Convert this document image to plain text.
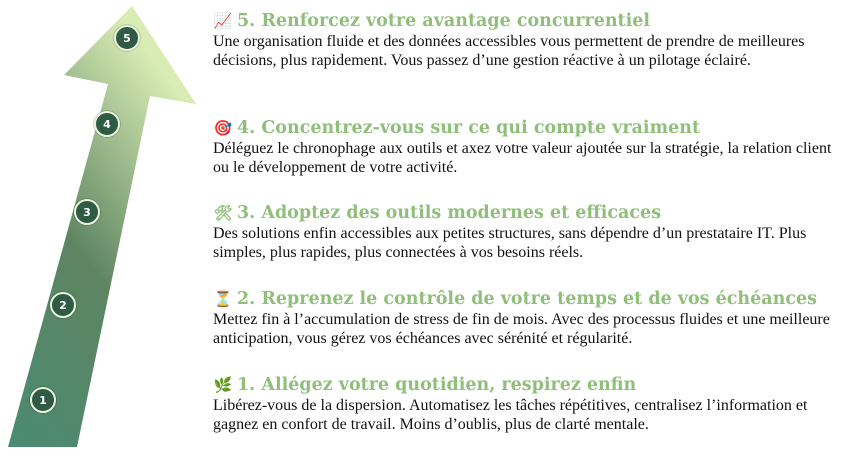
5
4
3
2
1
📈 5. Renforcez votre avantage concurrentiel
Une organisation fluide et des données accessibles vous permettent de prendre de meilleures décisions, plus rapidement. Vous passez d’une gestion réactive à un pilotage éclairé.
🎯 4. Concentrez-vous sur ce qui compte vraiment
Déléguez le chronophage aux outils et axez votre valeur ajoutée sur la stratégie, la relation client ou le développement de votre activité.
🛠 3. Adoptez des outils modernes et efficaces
Des solutions enfin accessibles aux petites structures, sans dépendre d’un prestataire IT. Plus simples, plus rapides, plus connectées à vos besoins réels.
⏳ 2. Reprenez le contrôle de votre temps et de vos échéances
Mettez fin à l’accumulation de stress de fin de mois. Avec des processus fluides et une meilleure anticipation, vous gérez vos échéances avec sérénité et régularité.
🌿 1. Allégez votre quotidien, respirez enfin
Libérez-vous de la dispersion. Automatisez les tâches répétitives, centralisez l’information et gagnez en confort de travail. Moins d’oublis, plus de clarté mentale.
